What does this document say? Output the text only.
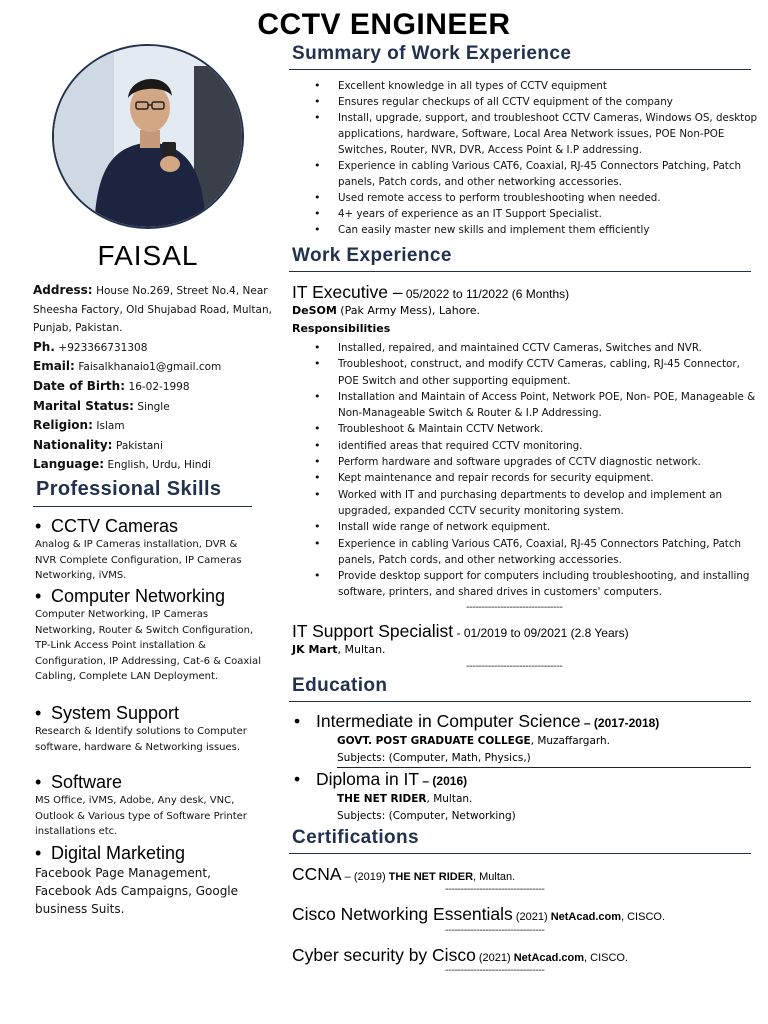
CCTV ENGINEER
FAISAL
Address: House No.269, Street No.4, Near Sheesha Factory, Old Shujabad Road, Multan, Punjab, Pakistan.
Ph. +923366731308
Email: Faisalkhanaio1@gmail.com
Date of Birth: 16-02-1998
Marital Status: Single
Religion: Islam
Nationality: Pakistani
Language: English, Urdu, Hindi
Professional Skills
• CCTV Cameras
Analog & IP Cameras installation, DVR & NVR Complete Configuration, IP Cameras Networking, iVMS.
• Computer Networking
Computer Networking, IP Cameras Networking, Router & Switch Configuration, TP-Link Access Point installation & Configuration, IP Addressing, Cat-6 & Coaxial Cabling, Complete LAN Deployment.
• System Support
Research & Identify solutions to Computer software, hardware & Networking issues.
• Software
MS Office, iVMS, Adobe, Any desk, VNC, Outlook & Various type of Software Printer installations etc.
• Digital Marketing
Facebook Page Management, Facebook Ads Campaigns, Google business Suits.
Summary of Work Experience
• Excellent knowledge in all types of CCTV equipment
• Ensures regular checkups of all CCTV equipment of the company
• Install, upgrade, support, and troubleshoot CCTV Cameras, Windows OS, desktop applications, hardware, Software, Local Area Network issues, POE Non-POE Switches, Router, NVR, DVR, Access Point & I.P addressing.
• Experience in cabling Various CAT6, Coaxial, RJ-45 Connectors Patching, Patch panels, Patch cords, and other networking accessories.
• Used remote access to perform troubleshooting when needed.
• 4+ years of experience as an IT Support Specialist.
• Can easily master new skills and implement them efficiently
Work Experience
IT Executive – 05/2022 to 11/2022 (6 Months)
DeSOM (Pak Army Mess), Lahore.
Responsibilities
• Installed, repaired, and maintained CCTV Cameras, Switches and NVR.
• Troubleshoot, construct, and modify CCTV Cameras, cabling, RJ-45 Connector, POE Switch and other supporting equipment.
• Installation and Maintain of Access Point, Network POE, Non- POE, Manageable & Non-Manageable Switch & Router & I.P Addressing.
• Troubleshoot & Maintain CCTV Network.
• identified areas that required CCTV monitoring.
• Perform hardware and software upgrades of CCTV diagnostic network.
• Kept maintenance and repair records for security equipment.
• Worked with IT and purchasing departments to develop and implement an upgraded, expanded CCTV security monitoring system.
• Install wide range of network equipment.
• Experience in cabling Various CAT6, Coaxial, RJ-45 Connectors Patching, Patch panels, Patch cords, and other networking accessories.
• Provide desktop support for computers including troubleshooting, and installing software, printers, and shared drives in customers' computers.
-------------------------------
IT Support Specialist - 01/2019 to 09/2021 (2.8 Years)
JK Mart, Multan.
-------------------------------
Education
• Intermediate in Computer Science – (2017-2018)
GOVT. POST GRADUATE COLLEGE, Muzaffargarh.
Subjects: (Computer, Math, Physics,)
• Diploma in IT – (2016)
THE NET RIDER, Multan.
Subjects: (Computer, Networking)
Certifications
CCNA – (2019) THE NET RIDER, Multan.
--------------------------------
Cisco Networking Essentials (2021) NetAcad.com, CISCO.
--------------------------------
Cyber security by Cisco (2021) NetAcad.com, CISCO.
--------------------------------
